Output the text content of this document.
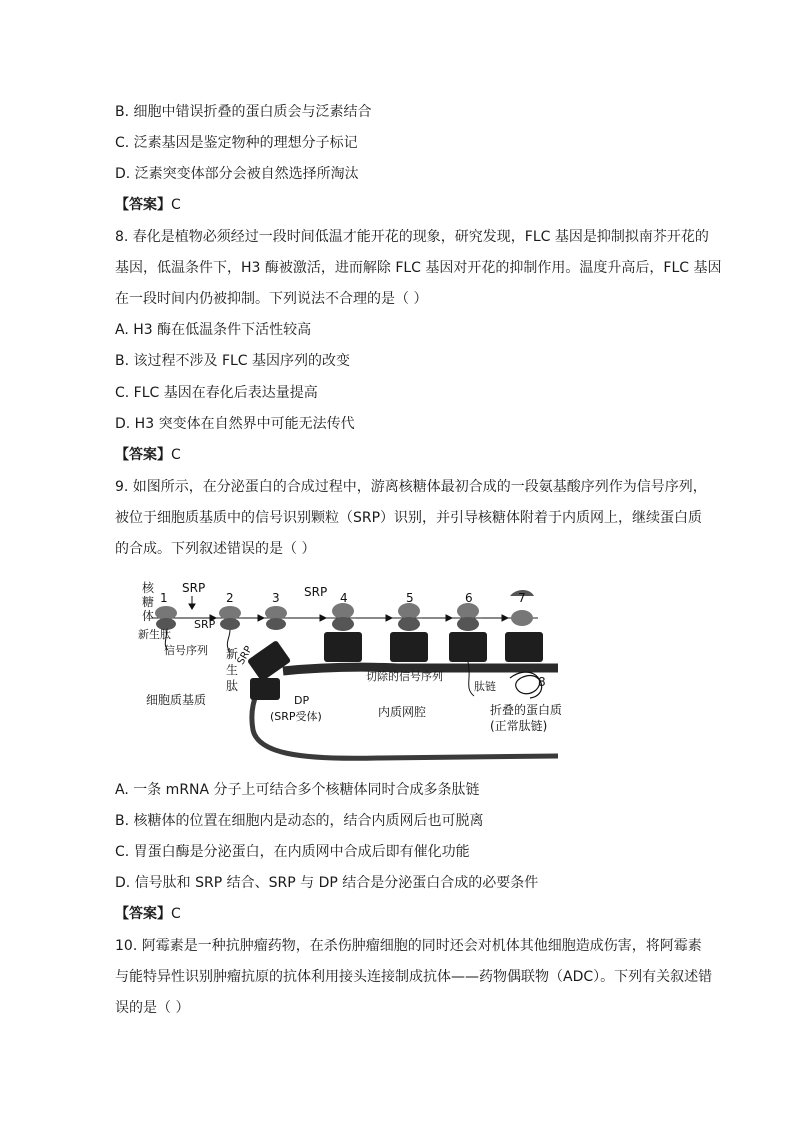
B. 细胞中错误折叠的蛋白质会与泛素结合
C. 泛素基因是鉴定物种的理想分子标记
D. 泛素突变体部分会被自然选择所淘汰
【答案】C
8. 春化是植物必须经过一段时间低温才能开花的现象，研究发现，FLC 基因是抑制拟南芥开花的
基因，低温条件下，H3 酶被激活，进而解除 FLC 基因对开花的抑制作用。温度升高后，FLC 基因
在一段时间内仍被抑制。下列说法不合理的是（ ）
A. H3 酶在低温条件下活性较高
B. 该过程不涉及 FLC 基因序列的改变
C. FLC 基因在春化后表达量提高
D. H3 突变体在自然界中可能无法传代
【答案】C
9. 如图所示，在分泌蛋白的合成过程中，游离核糖体最初合成的一段氨基酸序列作为信号序列，
被位于细胞质基质中的信号识别颗粒（SRP）识别，并引导核糖体附着于内质网上，继续蛋白质
的合成。下列叙述错误的是（ ）
1	2	3	4	5	6	7
8
核
糖
体
新生肽
SRP	SRP
SRP
SRP
信号序列 新
生
肽
细胞质基质	DP
(SRP受体)	内质网腔
切除的信号序列
肽链
折叠的蛋白质
(正常肽链)
A. 一条 mRNA 分子上可结合多个核糖体同时合成多条肽链
B. 核糖体的位置在细胞内是动态的，结合内质网后也可脱离
C. 胃蛋白酶是分泌蛋白，在内质网中合成后即有催化功能
D. 信号肽和 SRP 结合、SRP 与 DP 结合是分泌蛋白合成的必要条件
【答案】C
10. 阿霉素是一种抗肿瘤药物，在杀伤肿瘤细胞的同时还会对机体其他细胞造成伤害，将阿霉素
与能特异性识别肿瘤抗原的抗体利用接头连接制成抗体——药物偶联物（ADC）。下列有关叙述错
误的是（ ）
